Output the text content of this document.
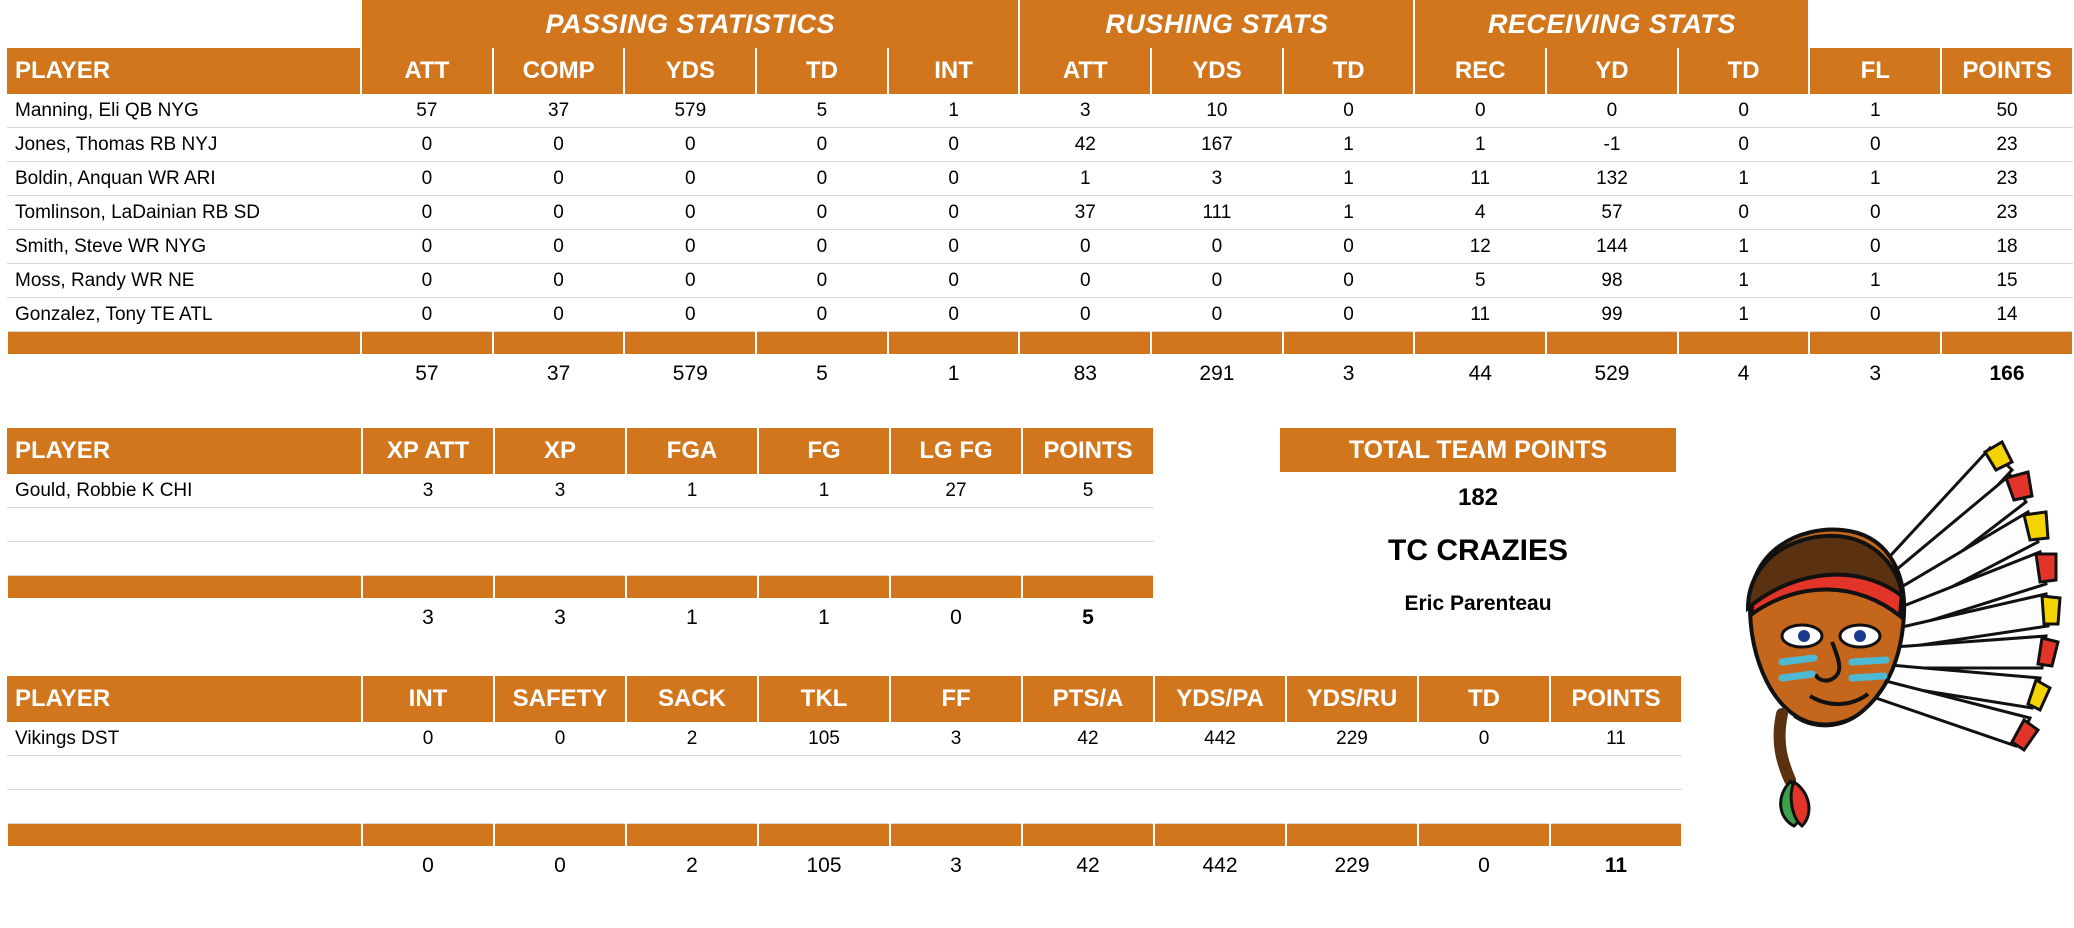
	PASSING STATISTICS					RUSHING STATS			RECEIVING STATS				
PLAYER	ATT	COMP	YDS	TD	INT	ATT	YDS	TD	REC	YD	TD	FL	POINTS
Manning, Eli QB NYG	57	37	579	5	1	3	10	0	0	0	0	1	50
Jones, Thomas RB NYJ	0	0	0	0	0	42	167	1	1	-1	0	0	23
Boldin, Anquan WR ARI	0	0	0	0	0	1	3	1	11	132	1	1	23
Tomlinson, LaDainian RB SD	0	0	0	0	0	37	111	1	4	57	0	0	23
Smith, Steve WR NYG	0	0	0	0	0	0	0	0	12	144	1	0	18
Moss, Randy WR NE	0	0	0	0	0	0	0	0	5	98	1	1	15
Gonzalez, Tony TE ATL	0	0	0	0	0	0	0	0	11	99	1	0	14

	57	37	579	5	1	83	291	3	44	529	4	3	166
PLAYER	XP ATT	XP	FGA	FG	LG FG	POINTS
Gould, Robbie K CHI	3	3	1	1	27	5

	3	3	1	1	0	5
PLAYER	INT	SAFETY	SACK	TKL	FF	PTS/A	YDS/PA	YDS/RU	TD	POINTS
Vikings DST	0	0	2	105	3	42	442	229	0	11

	0	0	2	105	3	42	442	229	0	11
TOTAL TEAM POINTS
182
TC CRAZIES
Eric Parenteau
